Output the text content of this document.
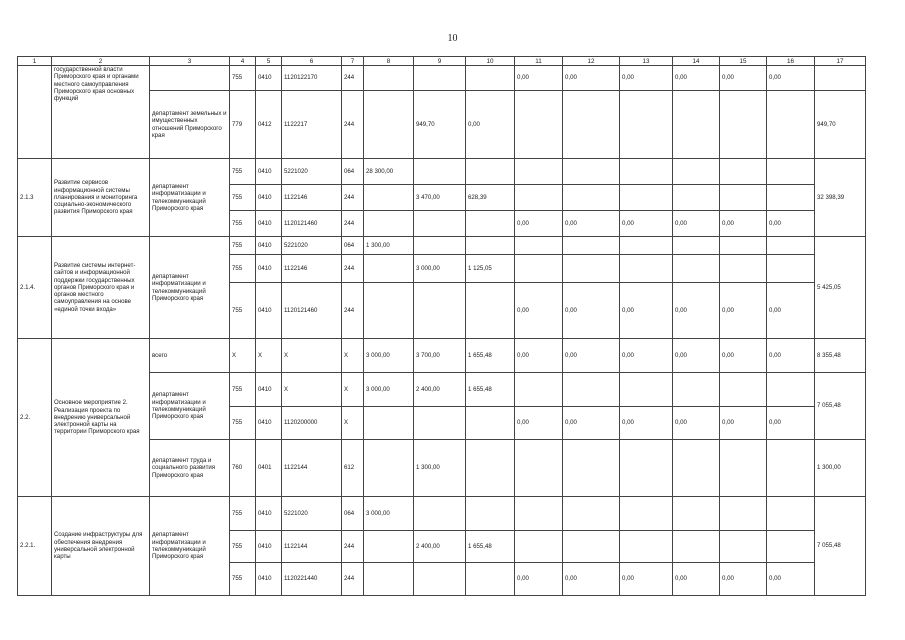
10
1	2	3	4	5	6	7	8	9	10	11	12	13	14	15	16	17
	государственной власти Приморского края и органами местного самоуправления Приморского края основных функций		755	0410	1120122170	244				0,00	0,00	0,00	0,00	0,00	0,00	
		департамент земельных и имущественных отношений Приморского края	779	0412	1122217	244		949,70	0,00							949,70
2.1.3	Развитие сервисов информационной системы планирования и мониторинга социально-экономического развития Приморского края	департамент информатизации и телекоммуникаций Приморского края	755	0410	5221020	064	28 300,00									32 398,39
			755	0410	1122146	244		3 470,00	628,39							
			755	0410	1120121460	244				0,00	0,00	0,00	0,00	0,00	0,00	
2.1.4.	Развитие системы интернет-сайтов и информационной поддержки государственных органов Приморского края и органов местного самоуправления на основе «единой точки входа»	департамент информатизации и телекоммуникаций Приморского края	755	0410	5221020	064	1 300,00									5 425,05
			755	0410	1122146	244		3 000,00	1 125,05							
			755	0410	1120121460	244				0,00	0,00	0,00	0,00	0,00	0,00	
2.2.	Основное мероприятие 2. Реализация проекта по внедрению универсальной электронной карты на территории Приморского края	всего	X	X	X	X	3 000,00	3 700,00	1 655,48	0,00	0,00	0,00	0,00	0,00	0,00	8 355,48
		департамент информатизации и телекоммуникаций Приморского края	755	0410	X	X	3 000,00	2 400,00	1 655,48							7 055,48
			755	0410	1120200000	X				0,00	0,00	0,00	0,00	0,00	0,00	
		департамент труда и социального развития Приморского края	760	0401	1122144	612		1 300,00								1 300,00
2.2.1.	Создание инфраструктуры для обеспечения внедрения универсальной электронной карты	департамент информатизации и телекоммуникаций Приморского края	755	0410	5221020	064	3 000,00									7 055,48
			755	0410	1122144	244		2 400,00	1 655,48							
			755	0410	1120221440	244				0,00	0,00	0,00	0,00	0,00	0,00	
